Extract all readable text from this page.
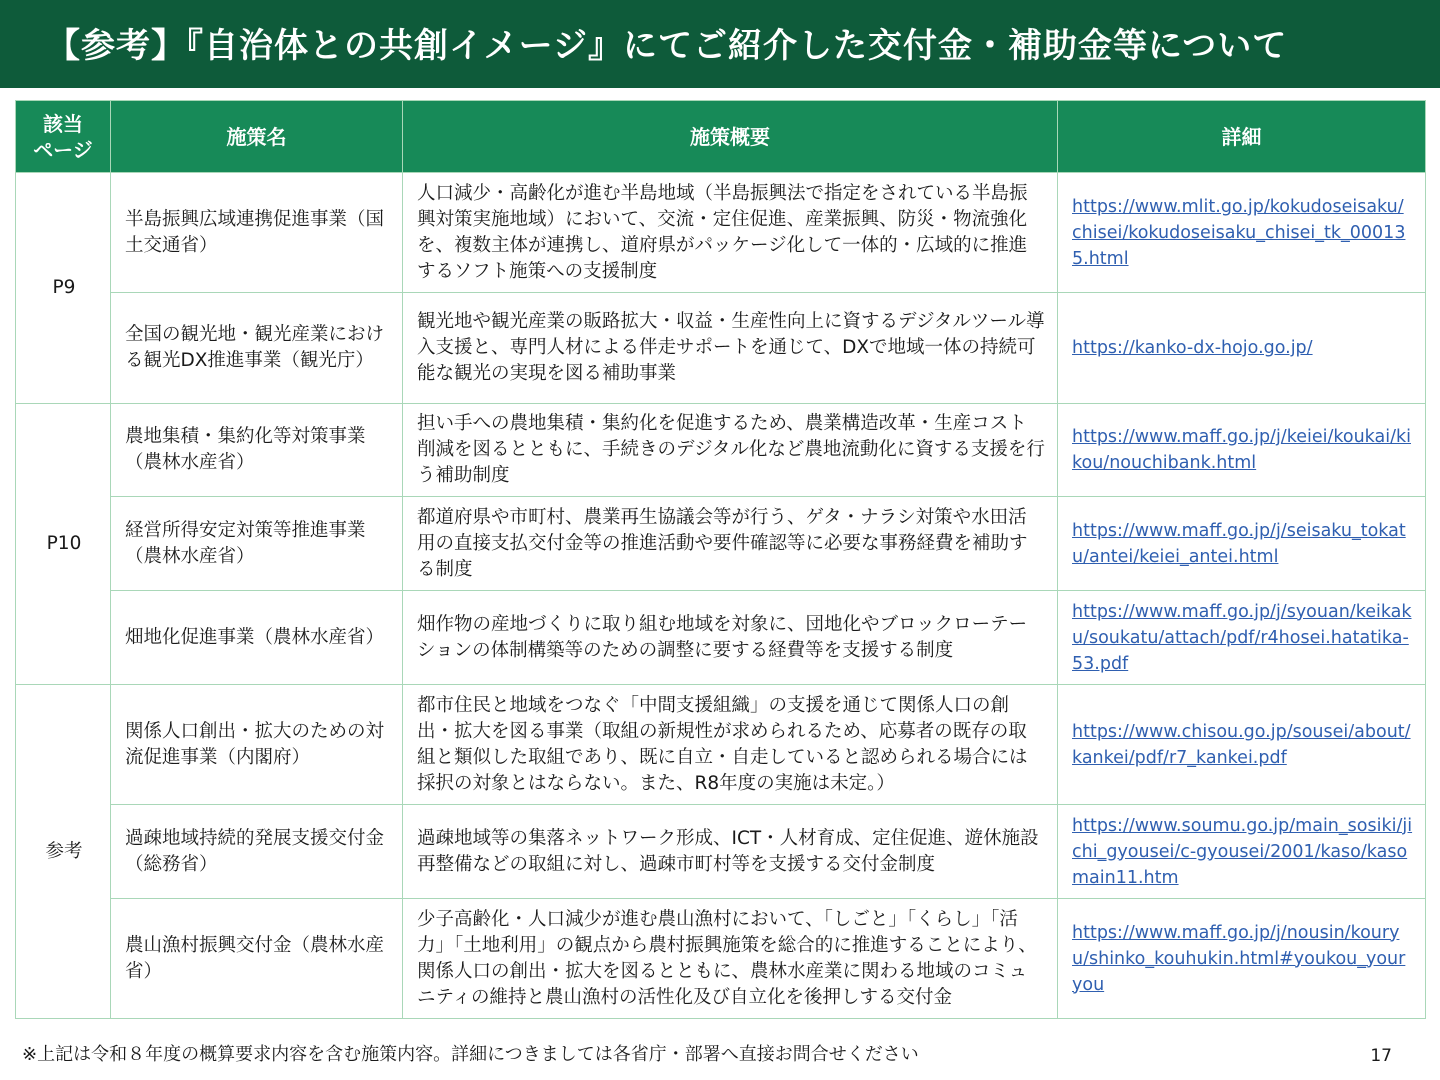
【参考】『自治体との共創イメージ』にてご紹介した交付金・補助金等について
該当
ページ	施策名	施策概要	詳細
P9	半島振興広域連携促進事業（国土交通省）	人口減少・高齢化が進む半島地域（半島振興法で指定をされている半島振興対策実施地域）において、交流・定住促進、産業振興、防災・物流強化を、複数主体が連携し、道府県がパッケージ化して一体的・広域的に推進するソフト施策への支援制度	https://www.mlit.go.jp/kokudoseisaku/chisei/kokudoseisaku_chisei_tk_000135.html
	全国の観光地・観光産業における観光DX推進事業（観光庁）	観光地や観光産業の販路拡大・収益・生産性向上に資するデジタルツール導入支援と、専門人材による伴走サポートを通じて、DXで地域一体の持続可能な観光の実現を図る補助事業	https://kanko-dx-hojo.go.jp/
P10	農地集積・集約化等対策事業（農林水産省）	担い手への農地集積・集約化を促進するため、農業構造改革・生産コスト削減を図るとともに、手続きのデジタル化など農地流動化に資する支援を行う補助制度	https://www.maff.go.jp/j/keiei/koukai/kikou/nouchibank.html
	経営所得安定対策等推進事業（農林水産省）	都道府県や市町村、農業再生協議会等が行う、ゲタ・ナラシ対策や水田活用の直接支払交付金等の推進活動や要件確認等に必要な事務経費を補助する制度	https://www.maff.go.jp/j/seisaku_tokatu/antei/keiei_antei.html
	畑地化促進事業（農林水産省）	畑作物の産地づくりに取り組む地域を対象に、団地化やブロックローテーションの体制構築等のための調整に要する経費等を支援する制度	https://www.maff.go.jp/j/syouan/keikaku/soukatu/attach/pdf/r4hosei.hatatika-53.pdf
参考	関係人口創出・拡大のための対流促進事業（内閣府）	都市住民と地域をつなぐ「中間支援組織」の支援を通じて関係人口の創出・拡大を図る事業（取組の新規性が求められるため、応募者の既存の取組と類似した取組であり、既に自立・自走していると認められる場合には採択の対象とはならない。また、R8年度の実施は未定。）	https://www.chisou.go.jp/sousei/about/kankei/pdf/r7_kankei.pdf
	過疎地域持続的発展支援交付金（総務省）	過疎地域等の集落ネットワーク形成、ICT・人材育成、定住促進、遊休施設再整備などの取組に対し、過疎市町村等を支援する交付金制度	https://www.soumu.go.jp/main_sosiki/jichi_gyousei/c-gyousei/2001/kaso/kasomain11.htm
	農山漁村振興交付金（農林水産省）	少子高齢化・人口減少が進む農山漁村において、「しごと」「くらし」「活力」「土地利用」の観点から農村振興施策を総合的に推進することにより、関係人口の創出・拡大を図るとともに、農林水産業に関わる地域のコミュニティの維持と農山漁村の活性化及び自立化を後押しする交付金	https://www.maff.go.jp/j/nousin/kouryu/shinko_kouhukin.html#youkou_youryou
※上記は令和８年度の概算要求内容を含む施策内容。詳細につきましては各省庁・部署へ直接お問合せください	17
